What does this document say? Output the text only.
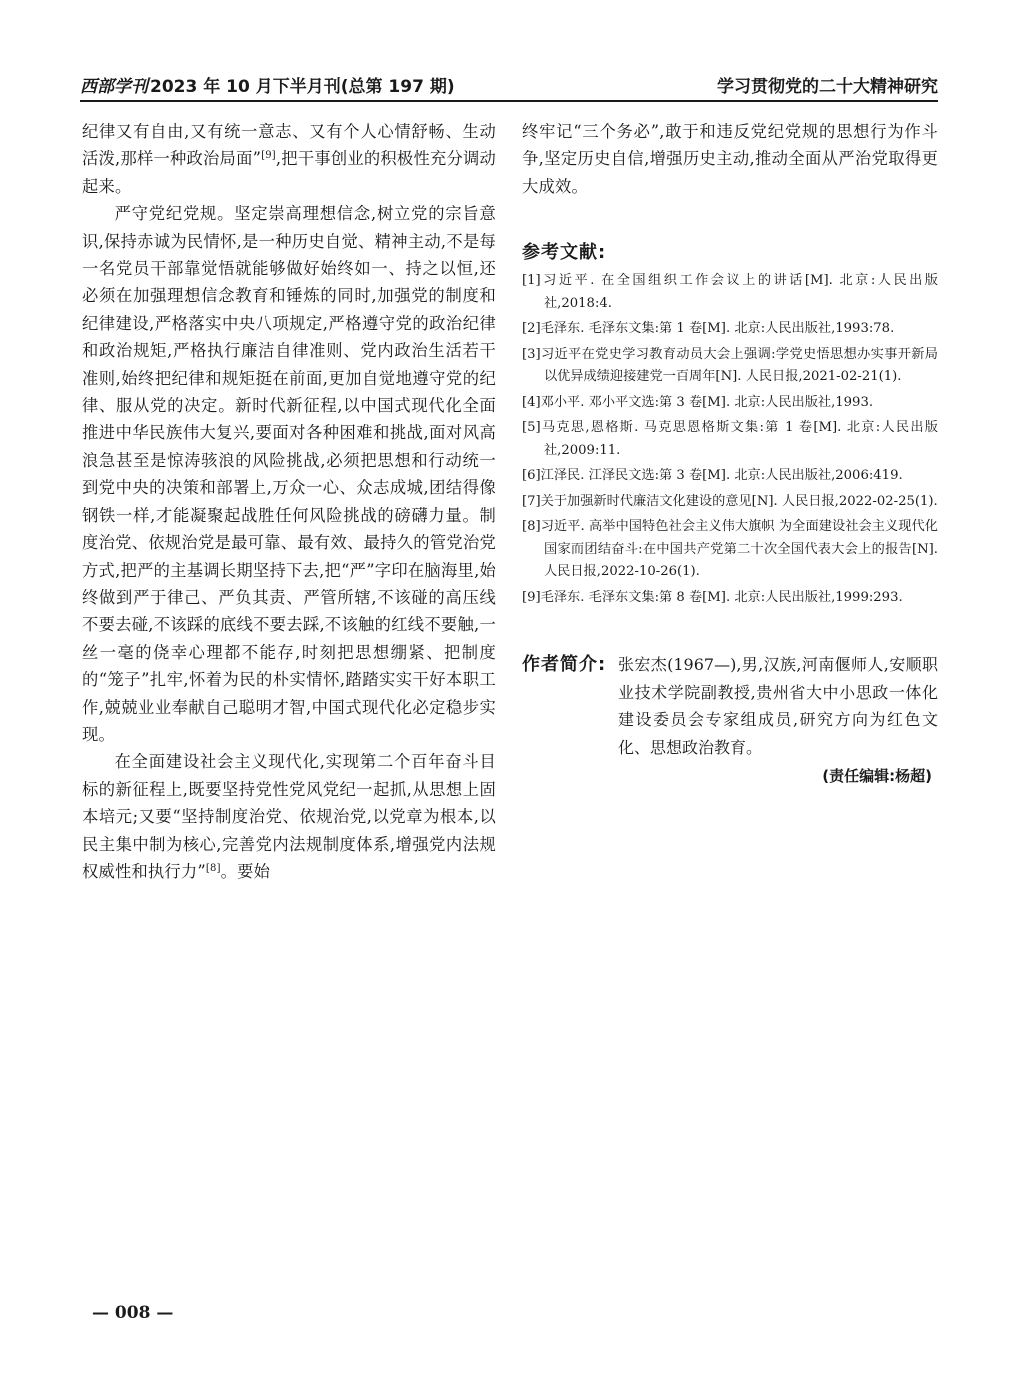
西部学刊 2023 年 10 月下半月刊(总第 197 期)	学习贯彻党的二十大精神研究

纪律又有自由,又有统一意志、又有个人心情舒畅、生动活泼,那样一种政治局面”[9],把干事创业的积极性充分调动起来。

严守党纪党规。坚定崇高理想信念,树立党的宗旨意识,保持赤诚为民情怀,是一种历史自觉、精神主动,不是每一名党员干部靠觉悟就能够做好始终如一、持之以恒,还必须在加强理想信念教育和锤炼的同时,加强党的制度和纪律建设,严格落实中央八项规定,严格遵守党的政治纪律和政治规矩,严格执行廉洁自律准则、党内政治生活若干准则,始终把纪律和规矩挺在前面,更加自觉地遵守党的纪律、服从党的决定。新时代新征程,以中国式现代化全面推进中华民族伟大复兴,要面对各种困难和挑战,面对风高浪急甚至是惊涛骇浪的风险挑战,必须把思想和行动统一到党中央的决策和部署上,万众一心、众志成城,团结得像钢铁一样,才能凝聚起战胜任何风险挑战的磅礴力量。制度治党、依规治党是最可靠、最有效、最持久的管党治党方式,把严的主基调长期坚持下去,把“严”字印在脑海里,始终做到严于律己、严负其责、严管所辖,不该碰的高压线不要去碰,不该踩的底线不要去踩,不该触的红线不要触,一丝一毫的侥幸心理都不能存,时刻把思想绷紧、把制度的“笼子”扎牢,怀着为民的朴实情怀,踏踏实实干好本职工作,兢兢业业奉献自己聪明才智,中国式现代化必定稳步实现。

在全面建设社会主义现代化,实现第二个百年奋斗目标的新征程上,既要坚持党性党风党纪一起抓,从思想上固本培元;又要“坚持制度治党、依规治党,以党章为根本,以民主集中制为核心,完善党内法规制度体系,增强党内法规权威性和执行力”[8]。要始

终牢记“三个务必”,敢于和违反党纪党规的思想行为作斗争,坚定历史自信,增强历史主动,推动全面从严治党取得更大成效。

参考文献:
[1]习近平. 在全国组织工作会议上的讲话[M]. 北京:人民出版社,2018:4.
[2]毛泽东. 毛泽东文集:第 1 卷[M]. 北京:人民出版社,1993:78.
[3]习近平在党史学习教育动员大会上强调:学党史悟思想办实事开新局 以优异成绩迎接建党一百周年[N]. 人民日报,2021-02-21(1).
[4]邓小平. 邓小平文选:第 3 卷[M]. 北京:人民出版社,1993.
[5]马克思,恩格斯. 马克思恩格斯文集:第 1 卷[M]. 北京:人民出版社,2009:11.
[6]江泽民. 江泽民文选:第 3 卷[M]. 北京:人民出版社,2006:419.
[7]关于加强新时代廉洁文化建设的意见[N]. 人民日报,2022-02-25(1).
[8]习近平. 高举中国特色社会主义伟大旗帜 为全面建设社会主义现代化国家而团结奋斗:在中国共产党第二十次全国代表大会上的报告[N]. 人民日报,2022-10-26(1).
[9]毛泽东. 毛泽东文集:第 8 卷[M]. 北京:人民出版社,1999:293.
作者简介: 张宏杰(1967—),男,汉族,河南偃师人,安顺职业技术学院副教授,贵州省大中小思政一体化建设委员会专家组成员,研究方向为红色文化、思想政治教育。
(责任编辑:杨超)
— 008 —
